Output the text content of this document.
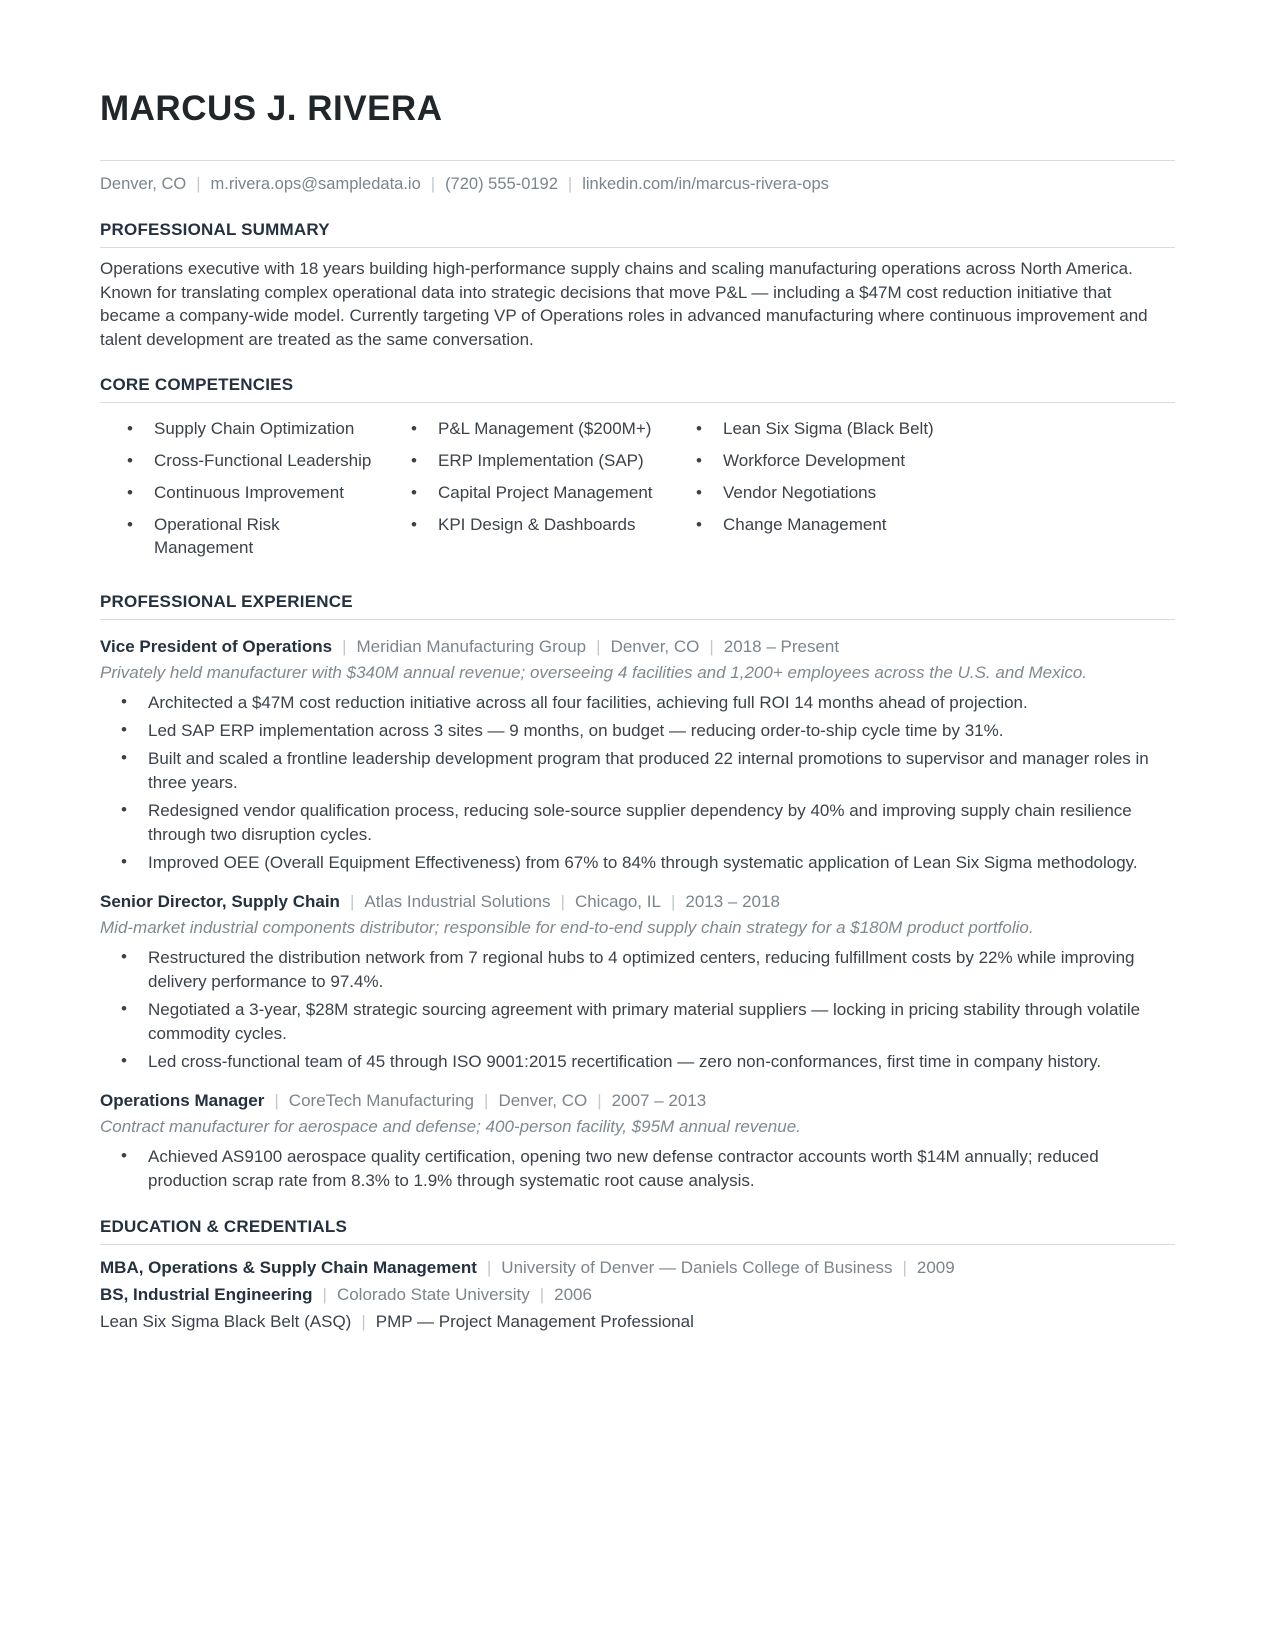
MARCUS J. RIVERA
Denver, CO | m.rivera.ops@sampledata.io | (720) 555-0192 | linkedin.com/in/marcus-rivera-ops
PROFESSIONAL SUMMARY

Operations executive with 18 years building high-performance supply chains and scaling manufacturing operations across North America. Known for translating complex operational data into strategic decisions that move P&L — including a $47M cost reduction initiative that became a company-wide model. Currently targeting VP of Operations roles in advanced manufacturing where continuous improvement and talent development are treated as the same conversation.

CORE COMPETENCIES
• Supply Chain Optimization
• Cross-Functional Leadership
• Continuous Improvement
• Operational Risk Management
• P&L Management ($200M+)
• ERP Implementation (SAP)
• Capital Project Management
• KPI Design & Dashboards
• Lean Six Sigma (Black Belt)
• Workforce Development
• Vendor Negotiations
• Change Management
PROFESSIONAL EXPERIENCE
Vice President of Operations | Meridian Manufacturing Group | Denver, CO | 2018 – Present
Privately held manufacturer with $340M annual revenue; overseeing 4 facilities and 1,200+ employees across the U.S. and Mexico.
• Architected a $47M cost reduction initiative across all four facilities, achieving full ROI 14 months ahead of projection.
• Led SAP ERP implementation across 3 sites — 9 months, on budget — reducing order-to-ship cycle time by 31%.
• Built and scaled a frontline leadership development program that produced 22 internal promotions to supervisor and manager roles in three years.
• Redesigned vendor qualification process, reducing sole-source supplier dependency by 40% and improving supply chain resilience through two disruption cycles.
• Improved OEE (Overall Equipment Effectiveness) from 67% to 84% through systematic application of Lean Six Sigma methodology.
Senior Director, Supply Chain | Atlas Industrial Solutions | Chicago, IL | 2013 – 2018
Mid-market industrial components distributor; responsible for end-to-end supply chain strategy for a $180M product portfolio.
• Restructured the distribution network from 7 regional hubs to 4 optimized centers, reducing fulfillment costs by 22% while improving delivery performance to 97.4%.
• Negotiated a 3-year, $28M strategic sourcing agreement with primary material suppliers — locking in pricing stability through volatile commodity cycles.
• Led cross-functional team of 45 through ISO 9001:2015 recertification — zero non-conformances, first time in company history.
Operations Manager | CoreTech Manufacturing | Denver, CO | 2007 – 2013
Contract manufacturer for aerospace and defense; 400-person facility, $95M annual revenue.
• Achieved AS9100 aerospace quality certification, opening two new defense contractor accounts worth $14M annually; reduced production scrap rate from 8.3% to 1.9% through systematic root cause analysis.
EDUCATION & CREDENTIALS
MBA, Operations & Supply Chain Management | University of Denver — Daniels College of Business | 2009
BS, Industrial Engineering | Colorado State University | 2006
Lean Six Sigma Black Belt (ASQ) | PMP — Project Management Professional
